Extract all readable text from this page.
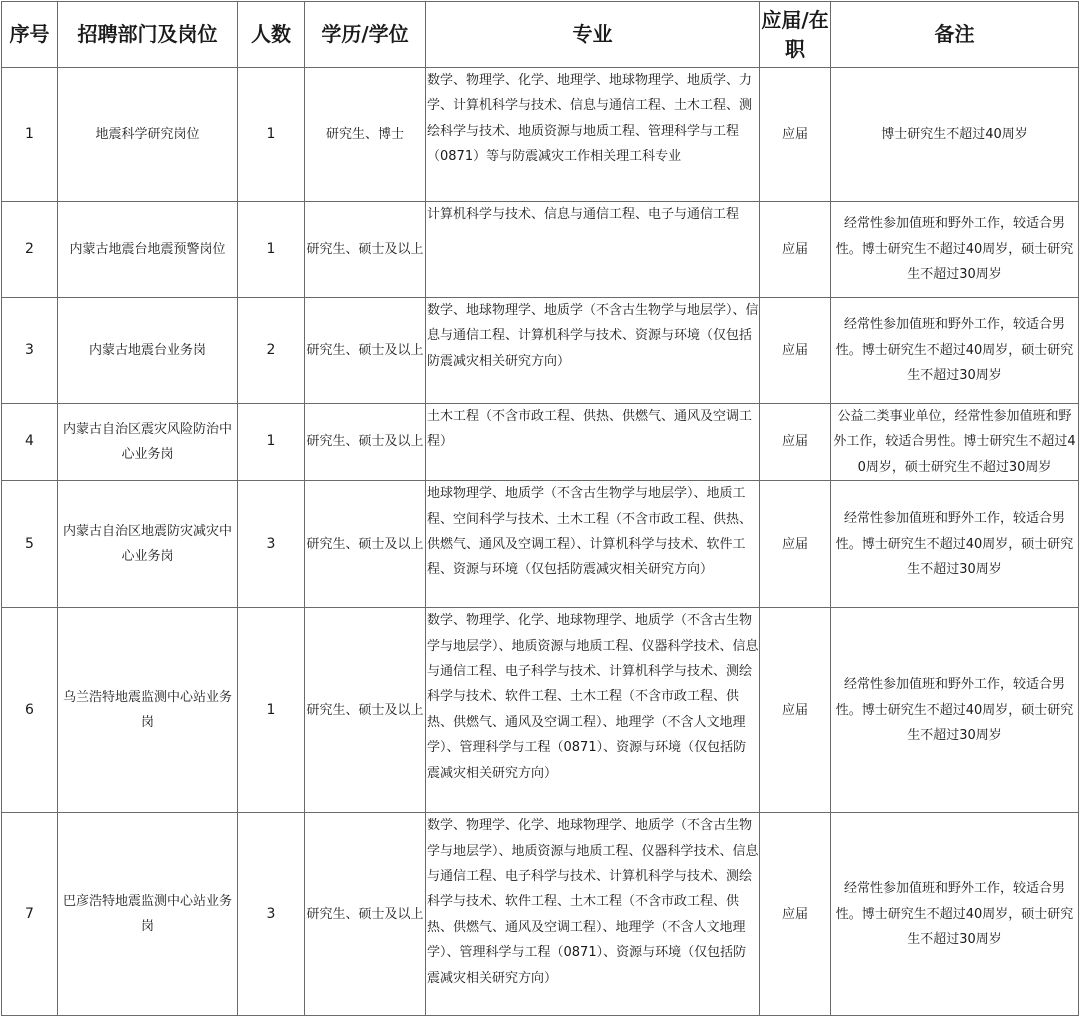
序号	招聘部门及岗位	人数	学历/学位	专业	应届/在职	备注
1	地震科学研究岗位	1	研究生、博士	数学、物理学、化学、地理学、地球物理学、地质学、力学、计算机科学与技术、信息与通信工程、土木工程、测绘科学与技术、地质资源与地质工程、管理科学与工程（0871）等与防震减灾工作相关理工科专业	应届	博士研究生不超过40周岁
2	内蒙古地震台地震预警岗位	1	研究生、硕士及以上	计算机科学与技术、信息与通信工程、电子与通信工程	应届	经常性参加值班和野外工作，较适合男性。博士研究生不超过40周岁，硕士研究生不超过30周岁
3	内蒙古地震台业务岗	2	研究生、硕士及以上	数学、地球物理学、地质学（不含古生物学与地层学）、信息与通信工程、计算机科学与技术、资源与环境（仅包括防震减灾相关研究方向）	应届	经常性参加值班和野外工作，较适合男性。博士研究生不超过40周岁，硕士研究生不超过30周岁
4	内蒙古自治区震灾风险防治中心业务岗	1	研究生、硕士及以上	土木工程（不含市政工程、供热、供燃气、通风及空调工程）	应届	公益二类事业单位，经常性参加值班和野外工作，较适合男性。博士研究生不超过40周岁，硕士研究生不超过30周岁
5	内蒙古自治区地震防灾减灾中心业务岗	3	研究生、硕士及以上	地球物理学、地质学（不含古生物学与地层学）、地质工程、空间科学与技术、土木工程（不含市政工程、供热、供燃气、通风及空调工程）、计算机科学与技术、软件工程、资源与环境（仅包括防震减灾相关研究方向）	应届	经常性参加值班和野外工作，较适合男性。博士研究生不超过40周岁，硕士研究生不超过30周岁
6	乌兰浩特地震监测中心站业务岗	1	研究生、硕士及以上	数学、物理学、化学、地球物理学、地质学（不含古生物学与地层学）、地质资源与地质工程、仪器科学技术、信息与通信工程、电子科学与技术、计算机科学与技术、测绘科学与技术、软件工程、土木工程（不含市政工程、供热、供燃气、通风及空调工程）、地理学（不含人文地理学）、管理科学与工程（0871）、资源与环境（仅包括防震减灾相关研究方向）	应届	经常性参加值班和野外工作，较适合男性。博士研究生不超过40周岁，硕士研究生不超过30周岁
7	巴彦浩特地震监测中心站业务岗	3	研究生、硕士及以上	数学、物理学、化学、地球物理学、地质学（不含古生物学与地层学）、地质资源与地质工程、仪器科学技术、信息与通信工程、电子科学与技术、计算机科学与技术、测绘科学与技术、软件工程、土木工程（不含市政工程、供热、供燃气、通风及空调工程）、地理学（不含人文地理学）、管理科学与工程（0871）、资源与环境（仅包括防震减灾相关研究方向）	应届	经常性参加值班和野外工作，较适合男性。博士研究生不超过40周岁，硕士研究生不超过30周岁
